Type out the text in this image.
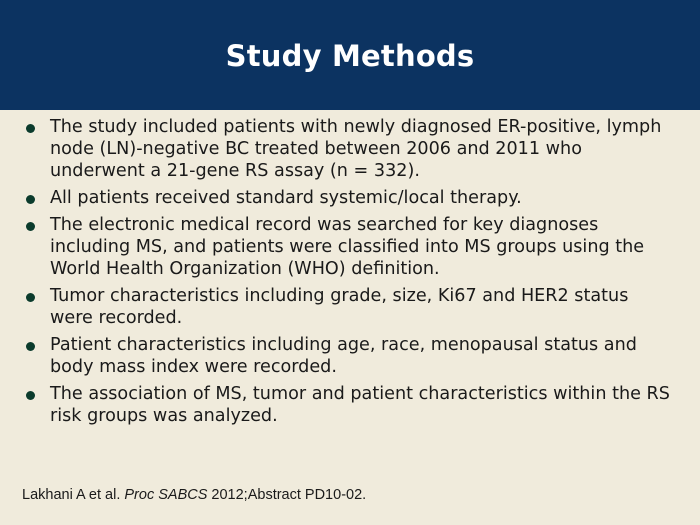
Study Methods
The study included patients with newly diagnosed ER-positive, lymph node (LN)-negative BC treated between 2006 and 2011 who underwent a 21-gene RS assay (n = 332).
All patients received standard systemic/local therapy.
The electronic medical record was searched for key diagnoses including MS, and patients were classified into MS groups using the World Health Organization (WHO) definition.
Tumor characteristics including grade, size, Ki67 and HER2 status were recorded.
Patient characteristics including age, race, menopausal status and body mass index were recorded.
The association of MS, tumor and patient characteristics within the RS risk groups was analyzed.
Lakhani A et al. Proc SABCS 2012;Abstract PD10-02.
